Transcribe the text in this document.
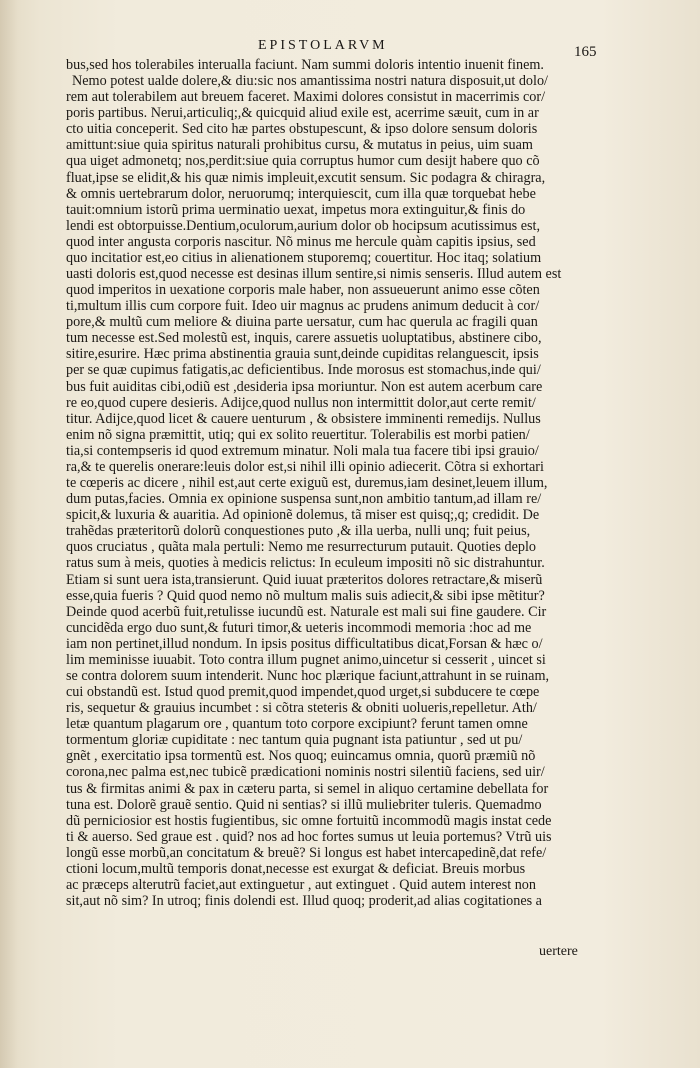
EPISTOLARVM	165
bus,sed hos tolerabiles interualla faciunt. Nam summi doloris intentio inuenit finem.
Nemo potest ualde dolere,& diu:sic nos amantissima nostri natura disposuit,ut dolo/
rem aut tolerabilem aut breuem faceret. Maximi dolores consistut in macerrimis cor/
poris partibus. Nerui,articuliq;,& quicquid aliud exile est, acerrime sæuit, cum in ar
cto uitia conceperit. Sed cito hæ partes obstupescunt, & ipso dolore sensum doloris
amittunt:siue quia spiritus naturali prohibitus cursu, & mutatus in peius, uim suam
qua uiget admonetq; nos,perdit:siue quia corruptus humor cum desijt habere quo cõ
fluat,ipse se elidit,& his quæ nimis impleuit,excutit sensum. Sic podagra & chiragra,
& omnis uertebrarum dolor, neruorumq; interquiescit, cum illa quæ torquebat hebe
tauit:omnium istorũ prima uerminatio uexat, impetus mora extinguitur,& finis do
lendi est obtorpuisse.Dentium,oculorum,aurium dolor ob hocipsum acutissimus est,
quod inter angusta corporis nascitur. Nõ minus me hercule quàm capitis ipsius, sed
quo incitatior est,eo citius in alienationem stuporemq; couertitur. Hoc itaq; solatium
uasti doloris est,quod necesse est desinas illum sentire,si nimis senseris. Illud autem est
quod imperitos in uexatione corporis male haber, non assueuerunt animo esse cõten
ti,multum illis cum corpore fuit. Ideo uir magnus ac prudens animum deducit à cor/
pore,& multũ cum meliore & diuina parte uersatur, cum hac querula ac fragili quan
tum necesse est.Sed molestũ est, inquis, carere assuetis uoluptatibus, abstinere cibo,
sitire,esurire. Hæc prima abstinentia grauia sunt,deinde cupiditas relanguescit, ipsis
per se quæ cupimus fatigatis,ac deficientibus. Inde morosus est stomachus,inde qui/
bus fuit auiditas cibi,odiũ est ,desideria ipsa moriuntur. Non est autem acerbum care
re eo,quod cupere desieris. Adijce,quod nullus non intermittit dolor,aut certe remit/
titur. Adijce,quod licet & cauere uenturum , & obsistere imminenti remedijs. Nullus
enim nõ signa præmittit, utiq; qui ex solito reuertitur. Tolerabilis est morbi patien/
tia,si contempseris id quod extremum minatur. Noli mala tua facere tibi ipsi grauio/
ra,& te querelis onerare:leuis dolor est,si nihil illi opinio adiecerit. Cõtra si exhortari
te cœperis ac dicere , nihil est,aut certe exiguũ est, duremus,iam desinet,leuem illum,
dum putas,facies. Omnia ex opinione suspensa sunt,non ambitio tantum,ad illam re/
spicit,& luxuria & auaritia. Ad opinionẽ dolemus, tã miser est quisq;,q; credidit. De
trahẽdas præteritorũ dolorũ conquestiones puto ,& illa uerba, nulli unq; fuit peius,
quos cruciatus , quãta mala pertuli: Nemo me resurrecturum putauit. Quoties deplo
ratus sum à meis, quoties à medicis relictus: In eculeum impositi nõ sic distrahuntur.
Etiam si sunt uera ista,transierunt. Quid iuuat præteritos dolores retractare,& miserũ
esse,quia fueris ? Quid quod nemo nõ multum malis suis adiecit,& sibi ipse mẽtitur?
Deinde quod acerbũ fuit,retulisse iucundũ est. Naturale est mali sui fine gaudere. Cir
cuncidẽda ergo duo sunt,& futuri timor,& ueteris incommodi memoria :hoc ad me
iam non pertinet,illud nondum. In ipsis positus difficultatibus dicat,Forsan & hæc o/
lim meminisse iuuabit. Toto contra illum pugnet animo,uincetur si cesserit , uincet si
se contra dolorem suum intenderit. Nunc hoc plærique faciunt,attrahunt in se ruinam,
cui obstandũ est. Istud quod premit,quod impendet,quod urget,si subducere te cœpe
ris, sequetur & grauius incumbet : si cõtra steteris & obniti uolueris,repelletur. Ath/
letæ quantum plagarum ore , quantum toto corpore excipiunt? ferunt tamen omne
tormentum gloriæ cupiditate : nec tantum quia pugnant ista patiuntur , sed ut pu/
gnẽt , exercitatio ipsa tormentũ est. Nos quoq; euincamus omnia, quorũ præmiũ nõ
corona,nec palma est,nec tubicẽ prædicationi nominis nostri silentiũ faciens, sed uir/
tus & firmitas animi & pax in cæteru parta, si semel in aliquo certamine debellata for
tuna est. Dolorẽ grauẽ sentio. Quid ni sentias? si illũ muliebriter tuleris. Quemadmo
dũ perniciosior est hostis fugientibus, sic omne fortuitũ incommodũ magis instat cede
ti & auerso. Sed graue est . quid? nos ad hoc fortes sumus ut leuia portemus? Vtrũ uis
longũ esse morbũ,an concitatum & breuẽ? Si longus est habet intercapedinẽ,dat refe/
ctioni locum,multũ temporis donat,necesse est exurgat & deficiat. Breuis morbus
ac præceps alterutrũ faciet,aut extinguetur , aut extinguet . Quid autem interest non
sit,aut nõ sim? In utroq; finis dolendi est. Illud quoq; proderit,ad alias cogitationes a
uertere
